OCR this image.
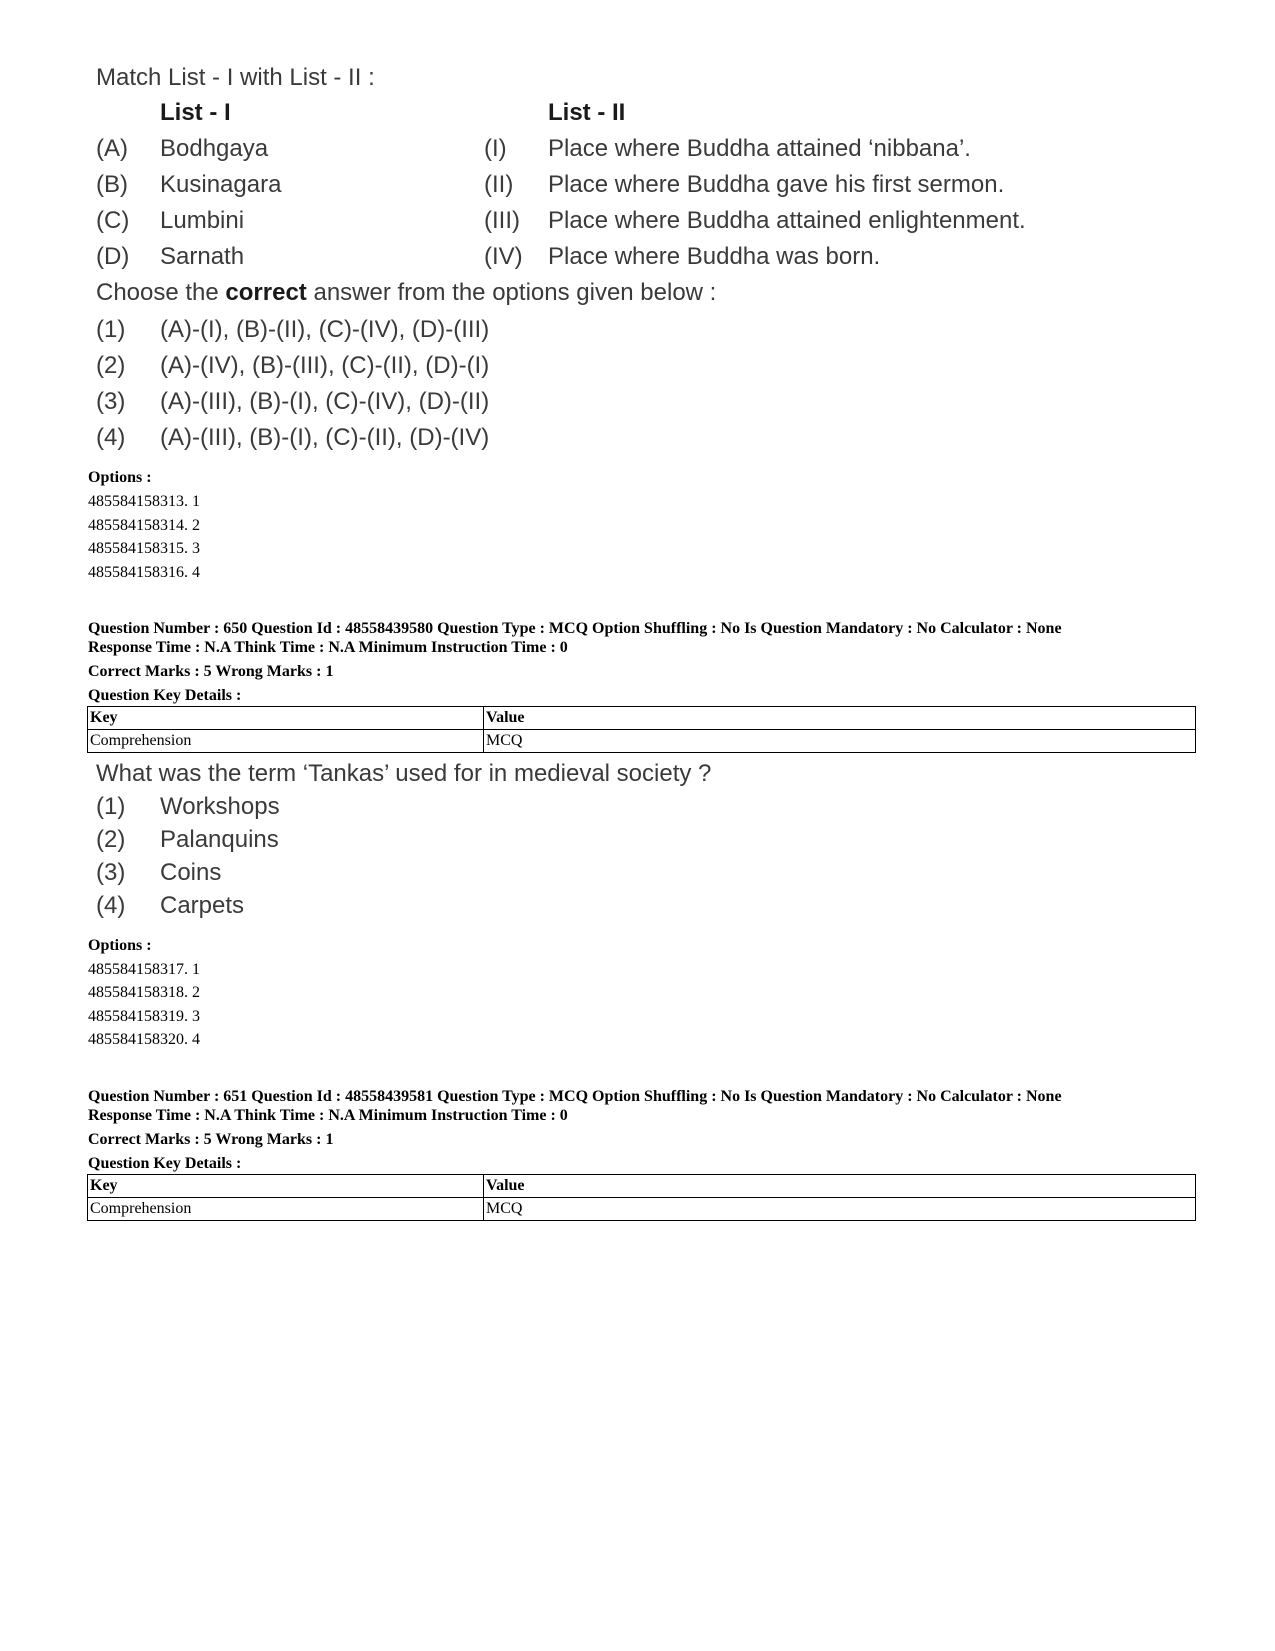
Match List - I with List - II :
List - I	List - II
(A) Bodhgaya	(I) Place where Buddha attained ‘nibbana’.
(B) Kusinagara	(II) Place where Buddha gave his first sermon.
(C) Lumbini	(III) Place where Buddha attained enlightenment.
(D) Sarnath	(IV) Place where Buddha was born.
Choose the correct answer from the options given below :
(1) (A)-(I), (B)-(II), (C)-(IV), (D)-(III)
(2) (A)-(IV), (B)-(III), (C)-(II), (D)-(I)
(3) (A)-(III), (B)-(I), (C)-(IV), (D)-(II)
(4) (A)-(III), (B)-(I), (C)-(II), (D)-(IV)
Options :
485584158313. 1
485584158314. 2
485584158315. 3
485584158316. 4
Question Number : 650 Question Id : 48558439580 Question Type : MCQ Option Shuffling : No Is Question Mandatory : No Calculator : None
Response Time : N.A Think Time : N.A Minimum Instruction Time : 0
Correct Marks : 5 Wrong Marks : 1
Question Key Details :
Key	Value
Comprehension	MCQ
What was the term ‘Tankas’ used for in medieval society ?
(1) Workshops
(2) Palanquins
(3) Coins
(4) Carpets
Options :
485584158317. 1
485584158318. 2
485584158319. 3
485584158320. 4
Question Number : 651 Question Id : 48558439581 Question Type : MCQ Option Shuffling : No Is Question Mandatory : No Calculator : None
Response Time : N.A Think Time : N.A Minimum Instruction Time : 0
Correct Marks : 5 Wrong Marks : 1
Question Key Details :
Key	Value
Comprehension	MCQ
